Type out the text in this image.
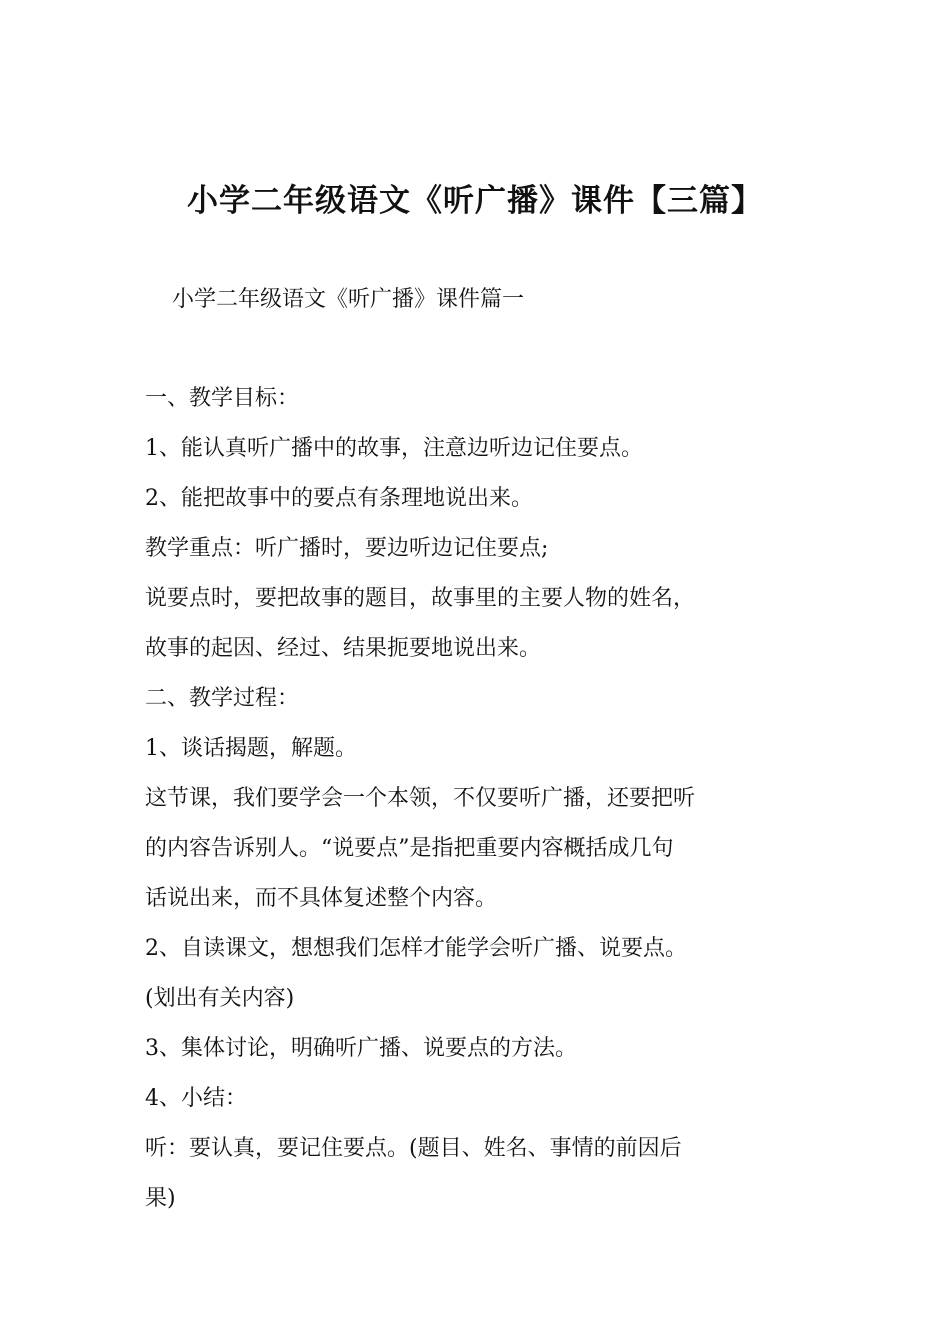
小学二年级语文《听广播》课件【三篇】
小学二年级语文《听广播》课件篇一
一、教学目标：
1、能认真听广播中的故事，注意边听边记住要点。
2、能把故事中的要点有条理地说出来。
教学重点：听广播时，要边听边记住要点;
说要点时，要把故事的题目，故事里的主要人物的姓名，
故事的起因、经过、结果扼要地说出来。
二、教学过程：
1、谈话揭题，解题。
这节课，我们要学会一个本领，不仅要听广播，还要把听
的内容告诉别人。“说要点”是指把重要内容概括成几句
话说出来，而不具体复述整个内容。
2、自读课文，想想我们怎样才能学会听广播、说要点。
(划出有关内容)
3、集体讨论，明确听广播、说要点的方法。
4、小结：
听：要认真，要记住要点。(题目、姓名、事情的前因后
果)
